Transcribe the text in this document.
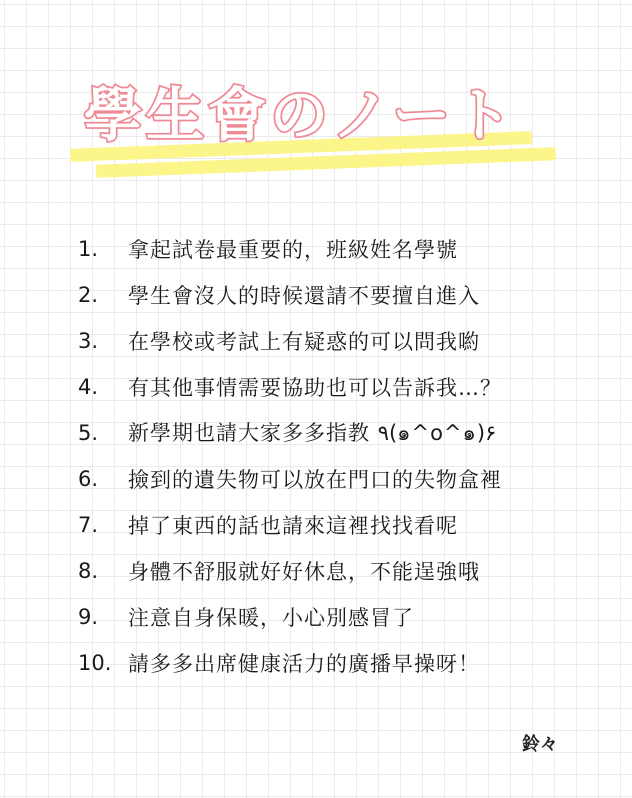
學生會のノート
1.	拿起試卷最重要的，班級姓名學號
2.	學生會沒人的時候還請不要擅自進入
3.	在學校或考試上有疑惑的可以問我喲
4.	有其他事情需要協助也可以告訴我…？
5.	新學期也請大家多多指教 ٩(๑^o^๑)۶
6.	撿到的遺失物可以放在門口的失物盒裡
7.	掉了東西的話也請來這裡找找看呢
8.	身體不舒服就好好休息，不能逞強哦
9.	注意自身保暖，小心別感冒了
10. 請多多出席健康活力的廣播早操呀！
鈴々
